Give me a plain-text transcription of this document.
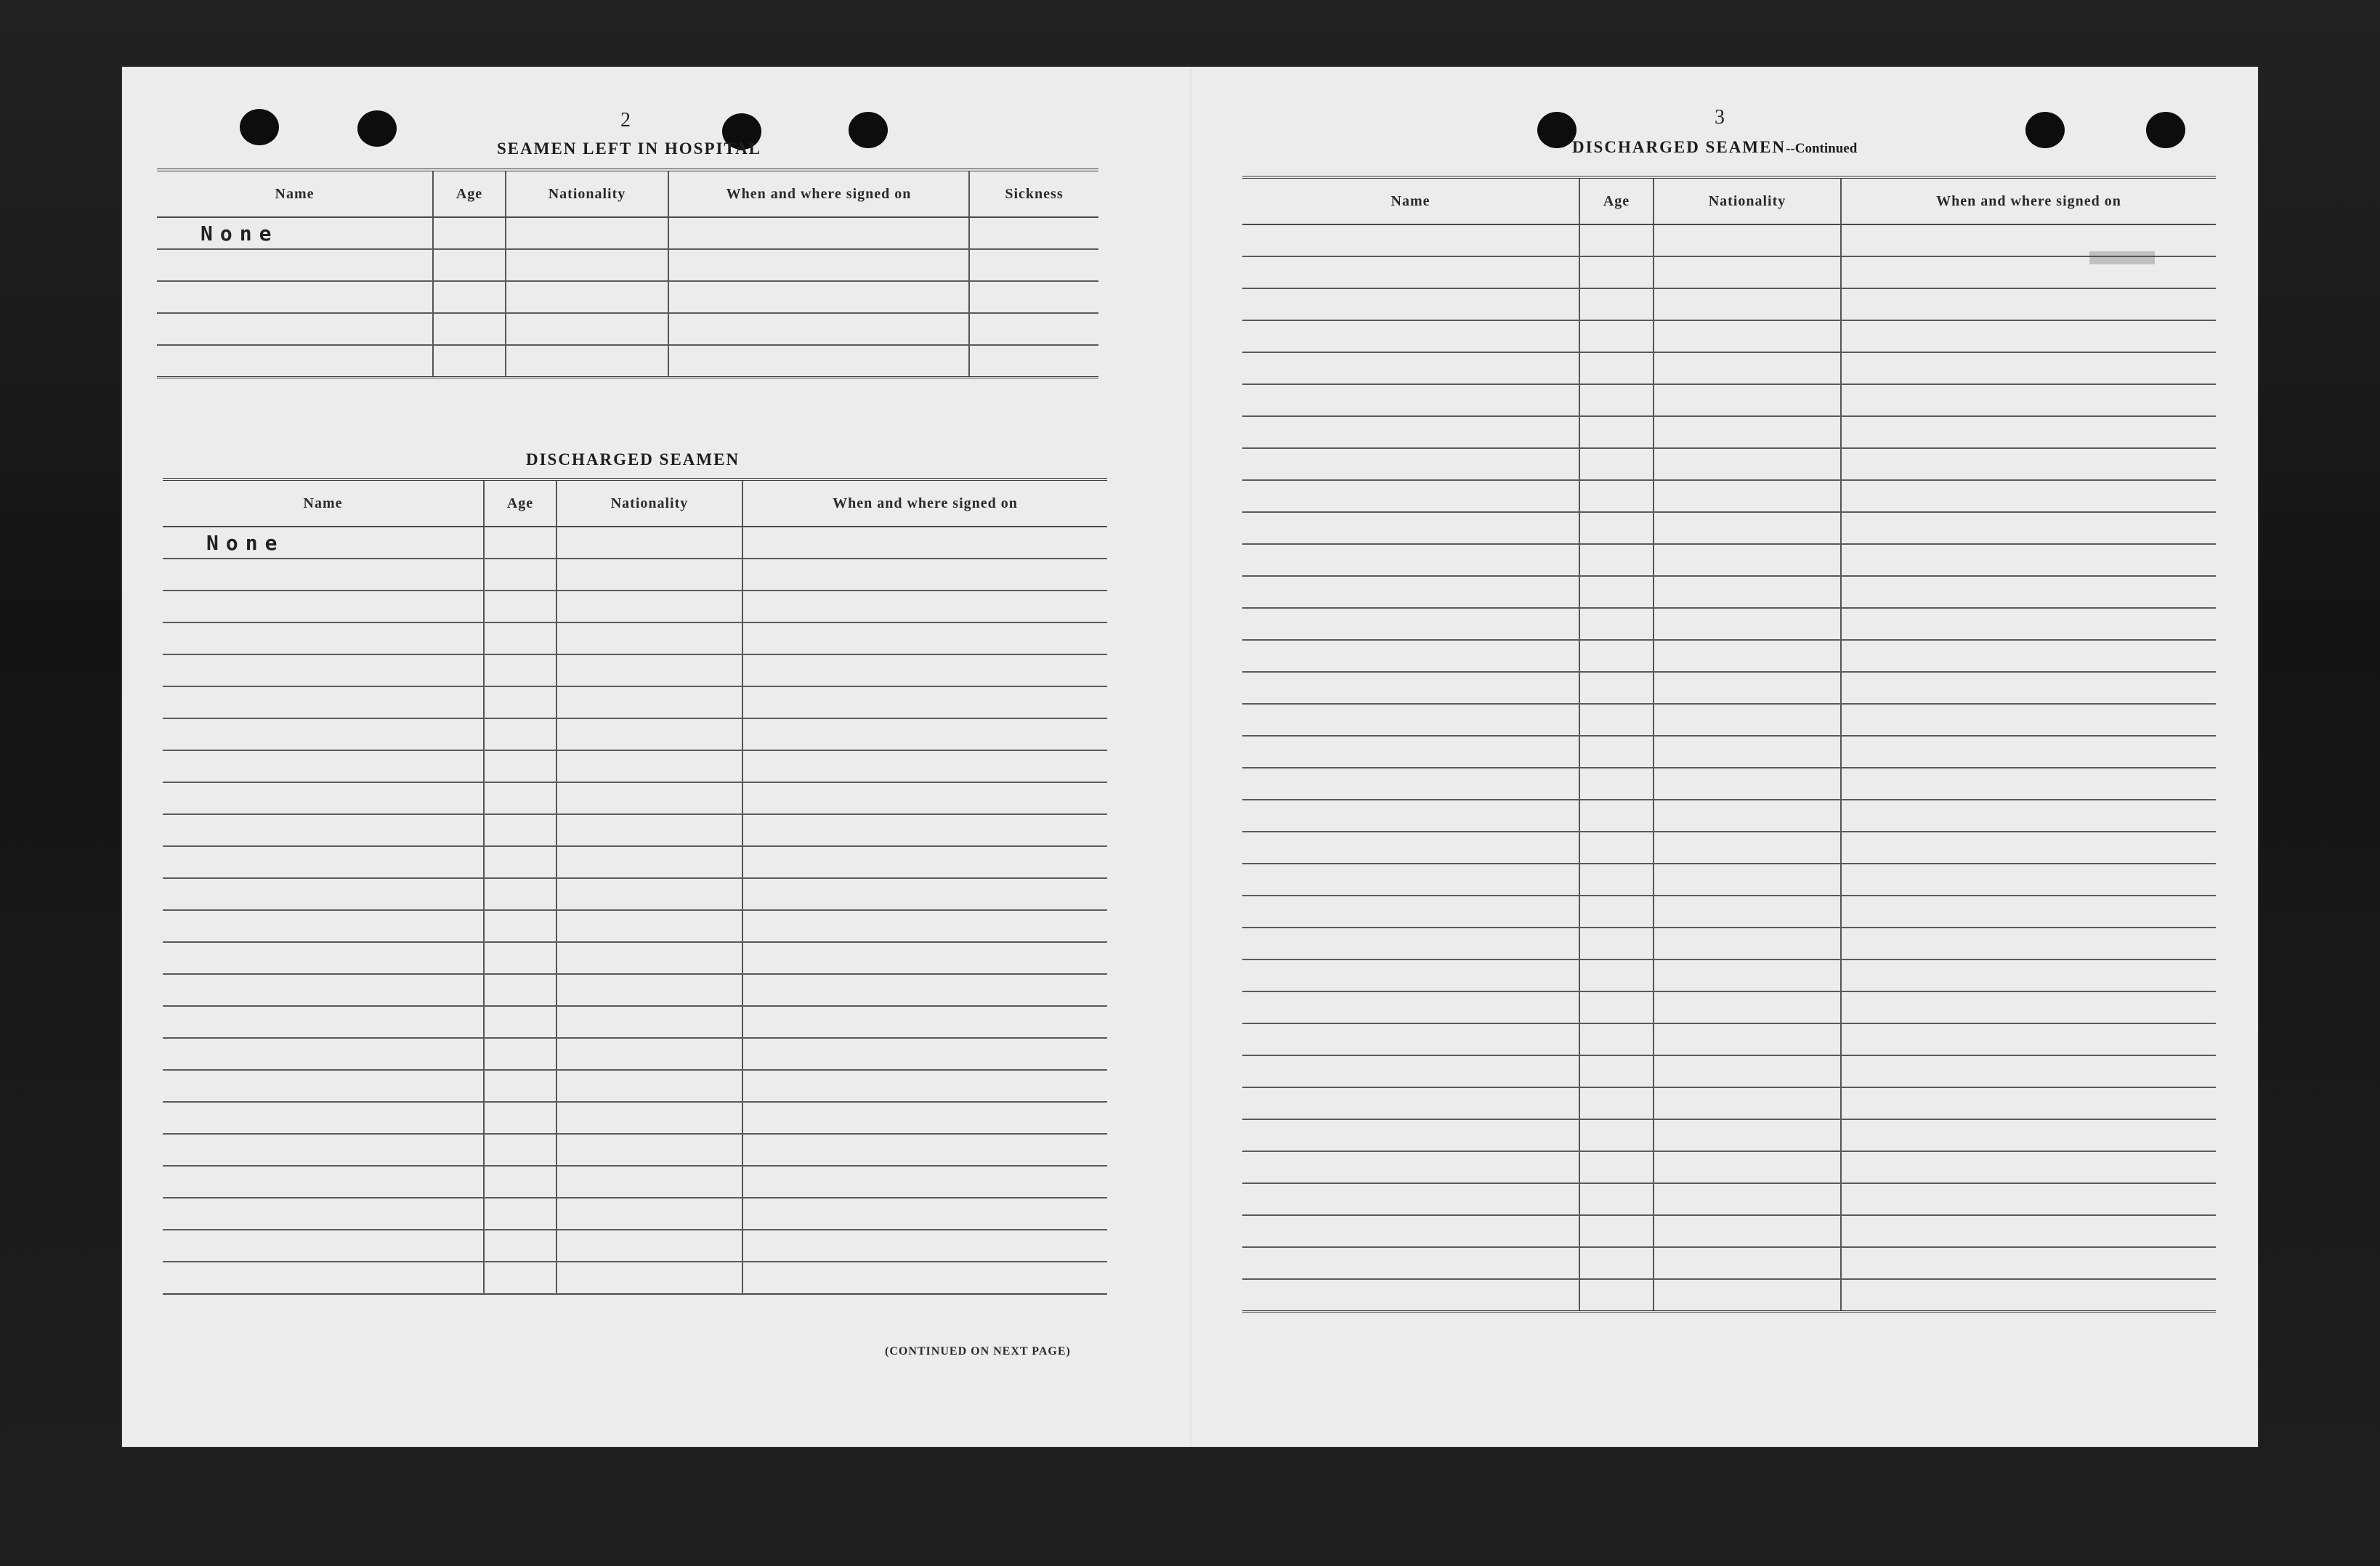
2
SEAMEN LEFT IN HOSPITAL
Name	Age	Nationality	When and where signed on	Sickness
None				

DISCHARGED SEAMEN
Name	Age	Nationality	When and where signed on
None			

(CONTINUED ON NEXT PAGE)
3
DISCHARGED SEAMEN--Continued
Name	Age	Nationality	When and where signed on
